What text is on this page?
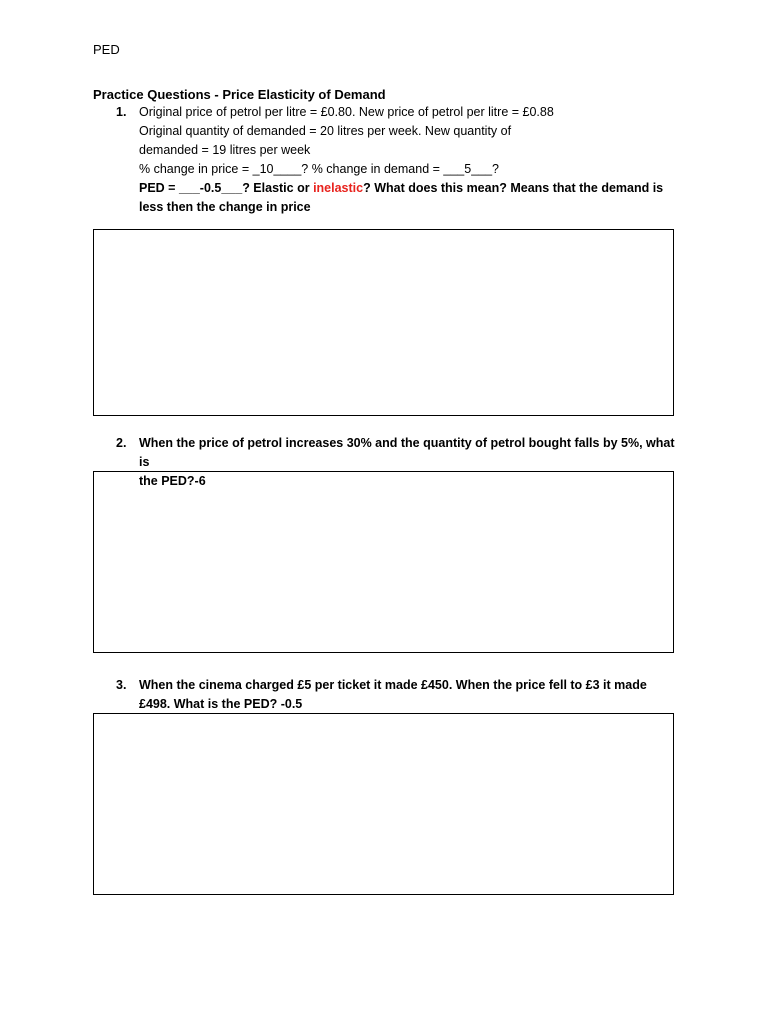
PED
Practice Questions - Price Elasticity of Demand
1.	Original price of petrol per litre = £0.80. New price of petrol per litre = £0.88
Original quantity of demanded = 20 litres per week. New quantity of
demanded = 19 litres per week
% change in price = _10____? % change in demand = ___5___?
PED = ___-0.5___? Elastic or inelastic? What does this mean? Means that the demand is
less then the change in price
2.	When the price of petrol increases 30% and the quantity of petrol bought falls by 5%, what is
the PED?-6
3.	When the cinema charged £5 per ticket it made £450. When the price fell to £3 it made
£498. What is the PED? -0.5
